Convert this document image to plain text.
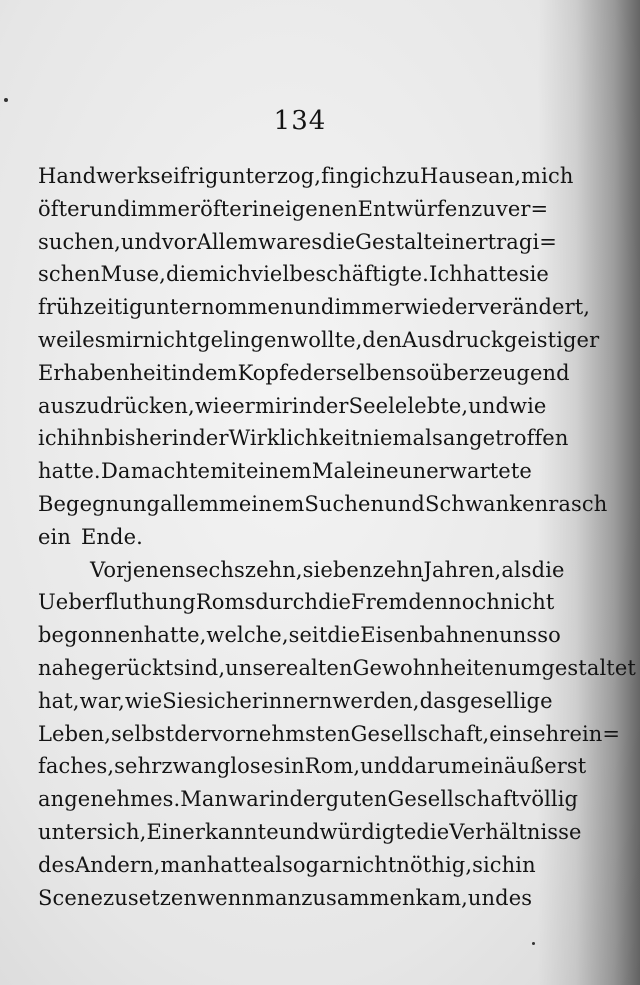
134
Handwerks eifrig unterzog, fing ich zu Hause an, mich
öfter und immer öfter in eigenen Entwürfen zu ver=
suchen, und vor Allem war es die Gestalt einer tragi=
schen Muse, die mich viel beschäftigte. Ich hatte sie
frühzeitig unternommen und immer wieder verändert,
weil es mir nicht gelingen wollte, den Ausdruck geistiger
Erhabenheit in dem Kopfe derselben so überzeugend
auszudrücken, wie er mir in der Seele lebte, und wie
ich ihn bisher in der Wirklichkeit niemals angetroffen
hatte. Da machte mit einem Mal eine unerwartete
Begegnung allem meinem Suchen und Schwanken rasch
ein Ende.
Vor jenen sechszehn, siebenzehn Jahren, als die
Ueberfluthung Roms durch die Fremden noch nicht
begonnen hatte, welche, seit die Eisenbahnen uns so
nahe gerückt sind, unsere alten Gewohnheiten umgestaltet
hat, war, wie Sie sich erinnern werden, das gesellige
Leben, selbst der vornehmsten Gesellschaft, ein sehr ein=
faches, sehr zwangloses in Rom, und darum ein äußerst
angenehmes. Man war in der guten Gesellschaft völlig
unter sich, Einer kannte und würdigte die Verhältnisse
des Andern, man hatte also gar nicht nöthig, sich in
Scene zu setzen wenn man zusammenkam, und es
